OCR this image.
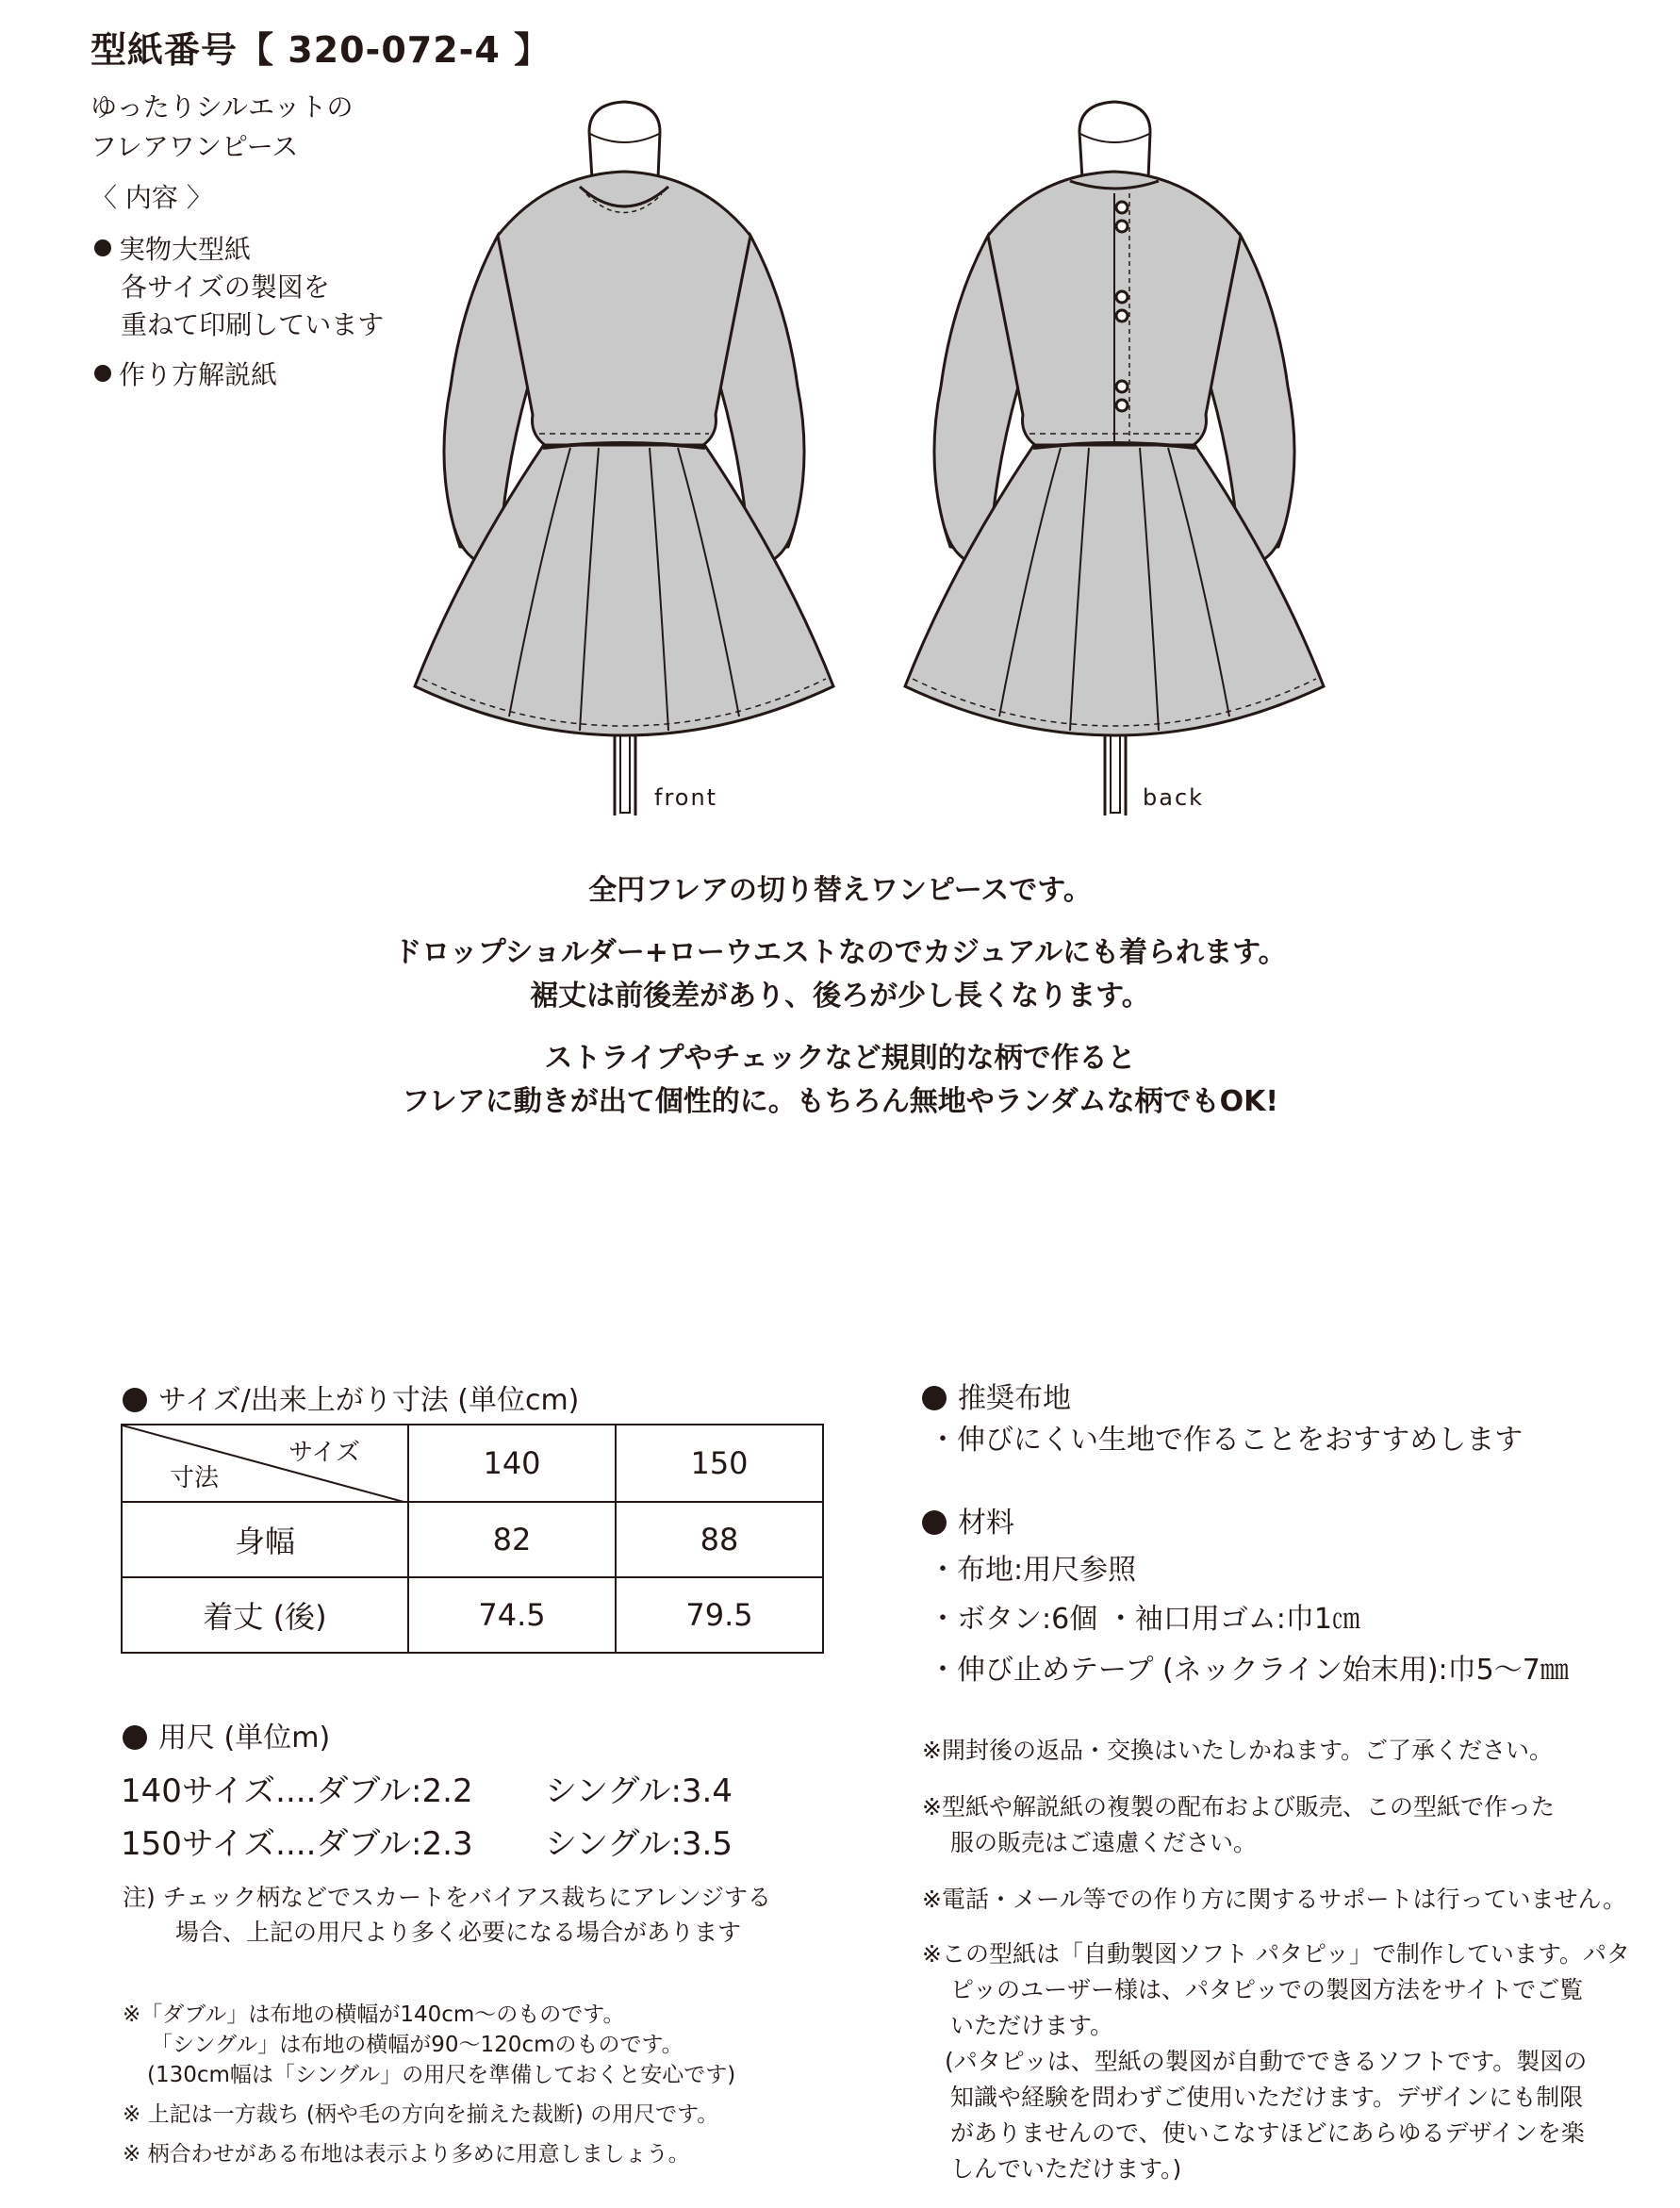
型紙番号【 320-072-4 】
ゆったりシルエットの
フレアワンピース
〈 内容 〉
実物大型紙
各サイズの製図を
重ねて印刷しています
作り方解説紙
front	back

全円フレアの切り替えワンピースです。

ドロップショルダー+ローウエストなのでカジュアルにも着られます。

裾丈は前後差があり、後ろが少し長くなります。

ストライプやチェックなど規則的な柄で作ると

フレアに動きが出て個性的に。もちろん無地やランダムな柄でもOK!

サイズ/出来上がり寸法 (単位cm)
サイズ
寸法	140	150
身幅	82	88
着丈 (後)	74.5	79.5
用尺 (単位m)
140サイズ....ダブル:2.2 シングル:3.4
150サイズ....ダブル:2.3 シングル:3.5
注) チェック柄などでスカートをバイアス裁ちにアレンジする
場合、上記の用尺より多く必要になる場合があります
※「ダブル」は布地の横幅が140cm〜のものです。
「シングル」は布地の横幅が90〜120cmのものです。
(130cm幅は「シングル」の用尺を準備しておくと安心です)
※ 上記は一方裁ち (柄や毛の方向を揃えた裁断) の用尺です。
※ 柄合わせがある布地は表示より多めに用意しましょう。
推奨布地
・伸びにくい生地で作ることをおすすめします
材料
・布地:用尺参照
・ボタン:6個 ・袖口用ゴム:巾1㎝
・伸び止めテープ (ネックライン始末用):巾5〜7㎜
※開封後の返品・交換はいたしかねます。ご了承ください。
※型紙や解説紙の複製の配布および販売、この型紙で作った
服の販売はご遠慮ください。
※電話・メール等での作り方に関するサポートは行っていません。
※この型紙は「自動製図ソフト パタピッ」で制作しています。パタ
ピッのユーザー様は、パタピッでの製図方法をサイトでご覧
いただけます。
(パタピッは、型紙の製図が自動でできるソフトです。製図の
知識や経験を問わずご使用いただけます。デザインにも制限
がありませんので、使いこなすほどにあらゆるデザインを楽
しんでいただけます。)
